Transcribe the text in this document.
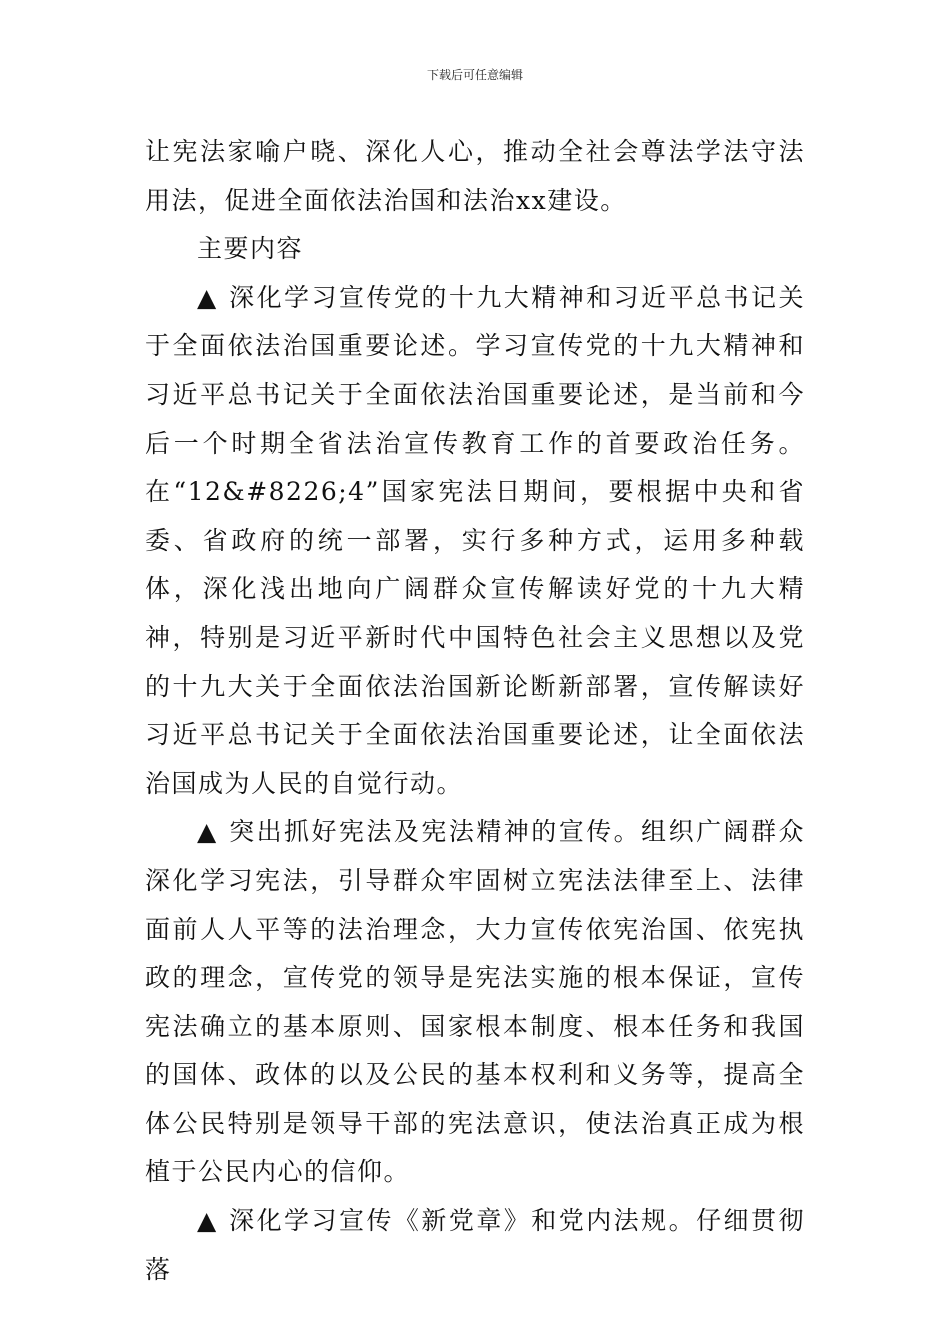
下载后可任意编辑

让宪法家喻户晓、深化人心，推动全社会尊法学法守法用法，促进全面依法治国和法治xx建设。

主要内容

▲ 深化学习宣传党的十九大精神和习近平总书记关于全面依法治国重要论述。学习宣传党的十九大精神和习近平总书记关于全面依法治国重要论述，是当前和今后一个时期全省法治宣传教育工作的首要政治任务。在“12&#8226;4”国家宪法日期间，要根据中央和省委、省政府的统一部署，实行多种方式，运用多种载体，深化浅出地向广阔群众宣传解读好党的十九大精神，特别是习近平新时代中国特色社会主义思想以及党的十九大关于全面依法治国新论断新部署，宣传解读好习近平总书记关于全面依法治国重要论述，让全面依法治国成为人民的自觉行动。

▲ 突出抓好宪法及宪法精神的宣传。组织广阔群众深化学习宪法，引导群众牢固树立宪法法律至上、法律面前人人平等的法治理念，大力宣传依宪治国、依宪执政的理念，宣传党的领导是宪法实施的根本保证，宣传宪法确立的基本原则、国家根本制度、根本任务和我国的国体、政体的以及公民的基本权利和义务等，提高全体公民特别是领导干部的宪法意识，使法治真正成为根植于公民内心的信仰。

▲ 深化学习宣传《新党章》和党内法规。仔细贯彻落
